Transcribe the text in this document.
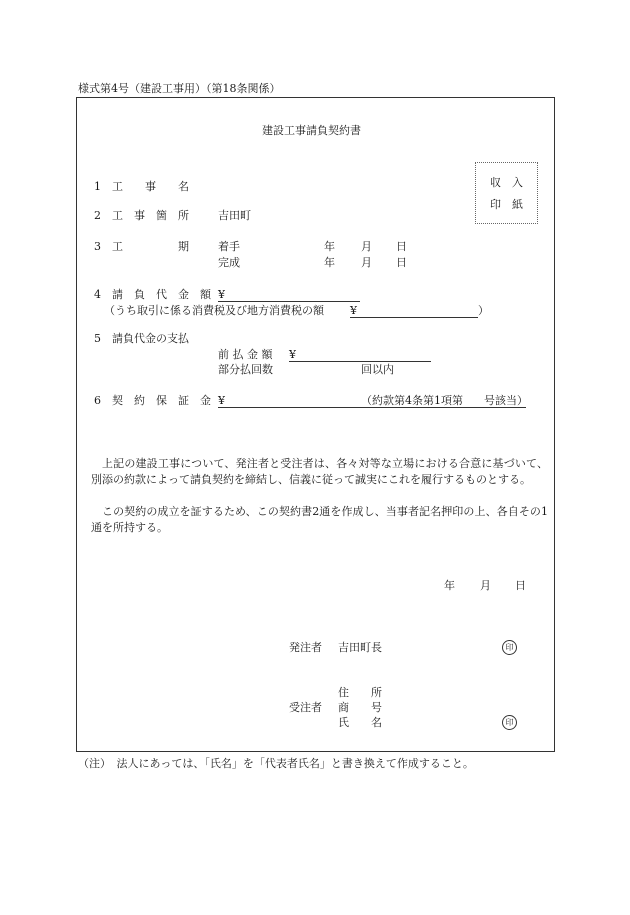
様式第4号（建設工事用）（第18条関係）
建設工事請負契約書
収　入
印　紙
1 工　　事　　名
2 工　事　箇　所	吉田町
3 工　　　　　期	着手	年 月 日
完成	年 月 日
4 請　負　代　金　額 ¥
（うち取引に係る消費税及び地方消費税の額 ¥	）
5 請負代金の支払
前 払 金 額 ¥
部分払回数	回以内
6 契　約　保　証　金 ¥	（約款第4条第1項第 号該当）
上記の建設工事について、発注者と受注者は、各々対等な立場における合意に基づいて、別添の約款によって請負契約を締結し、信義に従って誠実にこれを履行するものとする。
この契約の成立を証するため、この契約書2通を作成し、当事者記名押印の上、各自その1通を所持する。
年 月 日
発注者 吉田町長	印
住　　所
受注者 商　　号
氏　　名	印
（注）　法人にあっては、「氏名」を「代表者氏名」と書き換えて作成すること。
